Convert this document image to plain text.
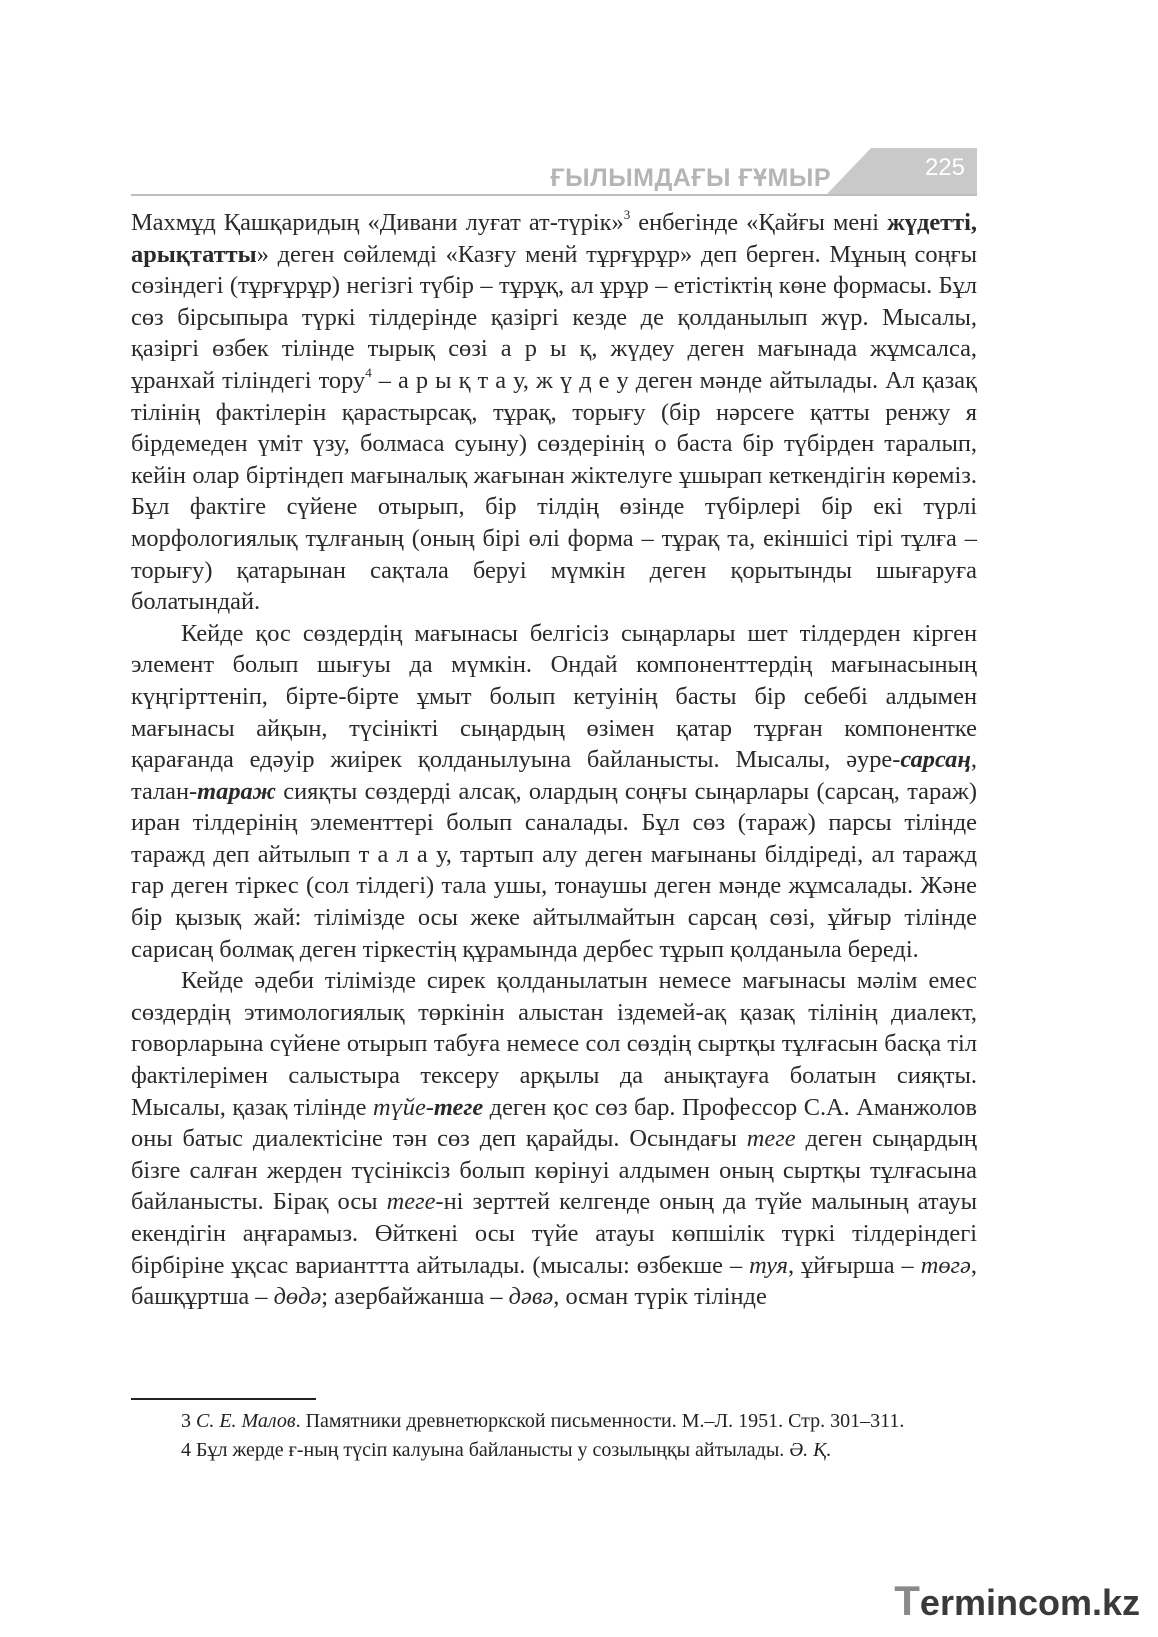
ҒЫЛЫМДАҒЫ ҒҰМЫР	225

Махмұд Қашқаридың «Дивани луғат ат-түрік»$^3$ енбегінде «Қайғы мені жүдетті, арықтатты» деген сөйлемді «Казғу менй тұрғұрұр» деп берген. Мұның соңғы сөзіндегі (тұрғұрұр) негізгі түбір – тұрұқ, ал ұрұр – етістіктің көне формасы. Бұл сөз бірсыпыра түркі тілдерінде қазіргі кезде де қолданылып жүр. Мысалы, қазіргі өзбек тілінде тырық сөзі а р ы қ, жүдеу деген мағынада жұмсалса, ұранхай тіліндегі тору$^4$ – а р ы қ т а у, ж ү д е у деген мәнде айтылады. Ал қазақ тілінің фактілерін қарастырсақ, тұрақ, торығу (бір нәрсеге қатты ренжу я бірдемеден үміт үзу, болмаса суыну) сөздерінің о баста бір түбірден таралып, кейін олар біртіндеп мағыналық жағынан жіктелуге ұшырап кеткендігін көреміз. Бұл фактіге сүйене отырып, бір тілдің өзінде түбірлері бір екі түрлі морфологиялық тұлғаның (оның бірі өлі форма – тұрақ та, екіншісі тірі тұлға – торығу) қатарынан сақтала беруі мүмкін деген қорытынды шығаруға болатындай.

Кейде қос сөздердің мағынасы белгісіз сыңарлары шет тілдерден кірген элемент болып шығуы да мүмкін. Ондай компоненттердің мағынасының күңгірттеніп, бірте-бірте ұмыт болып кетуінің басты бір себебі алдымен мағынасы айқын, түсінікті сыңардың өзімен қатар тұрған компонентке қарағанда едәуір жиірек қолданылуына байланысты. Мысалы, әуре-сарсаң, талан-тараж сияқты сөздерді алсақ, олардың соңғы сыңарлары (сарсаң, тараж) иран тілдерінің элементтері болып саналады. Бұл сөз (тараж) парсы тілінде таражд деп айтылып т а л а у, тартып алу деген мағынаны білдіреді, ал таражд гар деген тіркес (сол тілдегі) тала ушы, тонаушы деген мәнде жұмсалады. Және бір қызық жай: тілімізде осы жеке айтылмайтын сарсаң сөзі, ұйғыр тілінде сарисаң болмақ деген тіркестің құрамында дербес тұрып қолданыла береді.

Кейде әдеби тілімізде сирек қолданылатын немесе мағынасы мәлім емес сөздердің этимологиялық төркінін алыстан іздемей-ақ қазақ тілінің диалект, говорларына сүйене отырып табуға немесе сол сөздің сыртқы тұлғасын басқа тіл фактілерімен салыстыра тексеру арқылы да анықтауға болатын сияқты. Мысалы, қазақ тілінде түйе-теге деген қос сөз бар. Профессор С.А. Аманжолов оны батыс диалектісіне тән сөз деп қарайды. Осындағы теге деген сыңардың бізге салған жерден түсініксіз болып көрінуі алдымен оның сыртқы тұлғасына байланысты. Бірақ осы теге-ні зерттей келгенде оның да түйе малының атауы екендігін аңғарамыз. Өйткені осы түйе атауы көпшілік түркі тілдеріндегі бірбіріне ұқсас варианттта айтылады. (мысалы: өзбекше – туя, ұйғырша – төгә, башқұртша – дөдә; азербайжанша – дәвә, осман түрік тілінде

3 С. Е. Малов. Памятники древнетюркской письменности. М.–Л. 1951. Стр. 301–311.

4 Бұл жерде ғ-ның түсіп калуына байланысты у созылыңқы айтылады. Ә. Қ.

Termincom.kz
